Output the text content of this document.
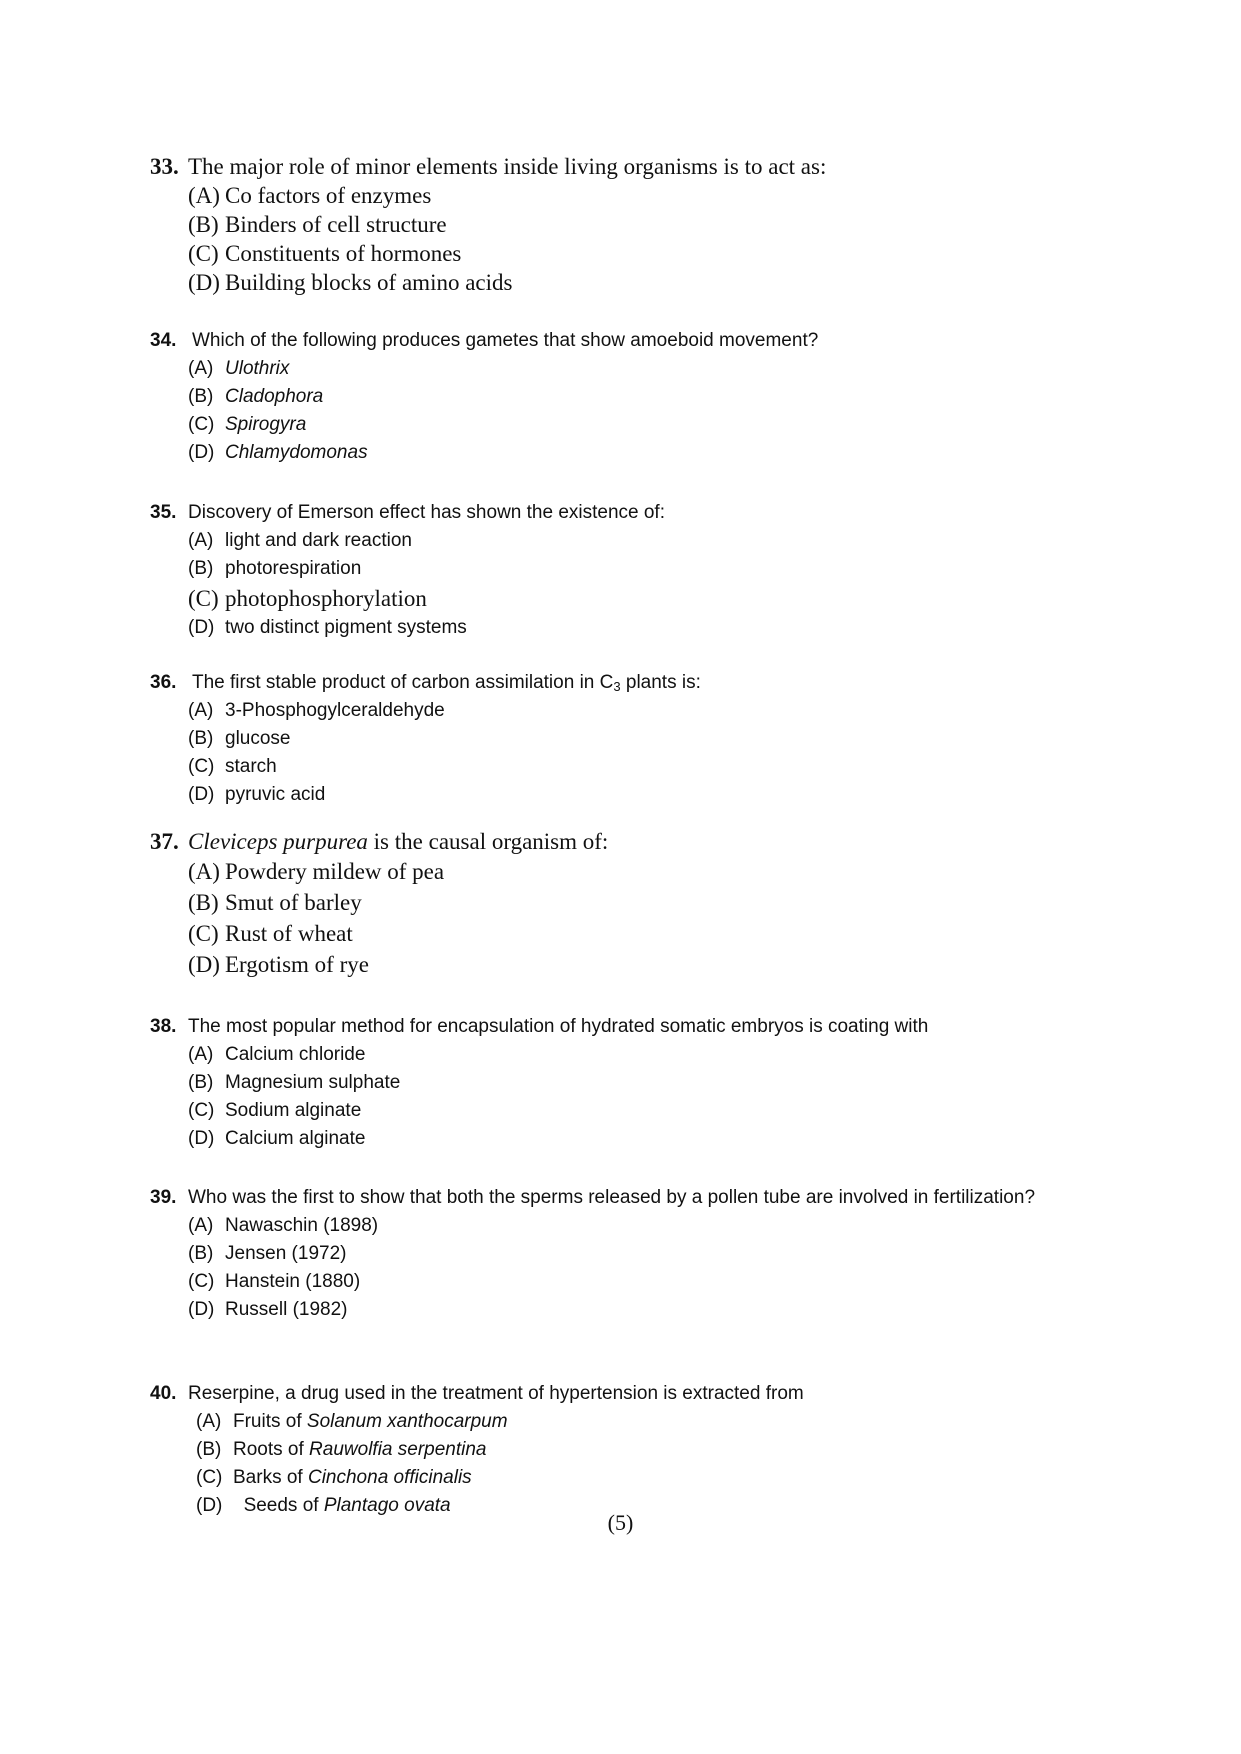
33. The major role of minor elements inside living organisms is to act as:
(A) Co factors of enzymes
(B) Binders of cell structure
(C) Constituents of hormones
(D) Building blocks of amino acids
34. Which of the following produces gametes that show amoeboid movement?
(A) Ulothrix
(B) Cladophora
(C) Spirogyra
(D) Chlamydomonas
35. Discovery of Emerson effect has shown the existence of:
(A) light and dark reaction
(B) photorespiration
(C) photophosphorylation
(D) two distinct pigment systems
36. The first stable product of carbon assimilation in $C_3$ plants is:
(A) 3-Phosphogylceraldehyde
(B) glucose
(C) starch
(D) pyruvic acid
37. Cleviceps purpurea is the causal organism of:
(A) Powdery mildew of pea
(B) Smut of barley
(C) Rust of wheat
(D) Ergotism of rye
38. The most popular method for encapsulation of hydrated somatic embryos is coating with
(A) Calcium chloride
(B) Magnesium sulphate
(C) Sodium alginate
(D) Calcium alginate
39. Who was the first to show that both the sperms released by a pollen tube are involved in fertilization?
(A) Nawaschin (1898)
(B) Jensen (1972)
(C) Hanstein (1880)
(D) Russell (1982)
40. Reserpine, a drug used in the treatment of hypertension is extracted from
(A) Fruits of Solanum xanthocarpum
(B) Roots of Rauwolfia serpentina
(C) Barks of Cinchona officinalis
(D) Seeds of Plantago ovata
(5)
